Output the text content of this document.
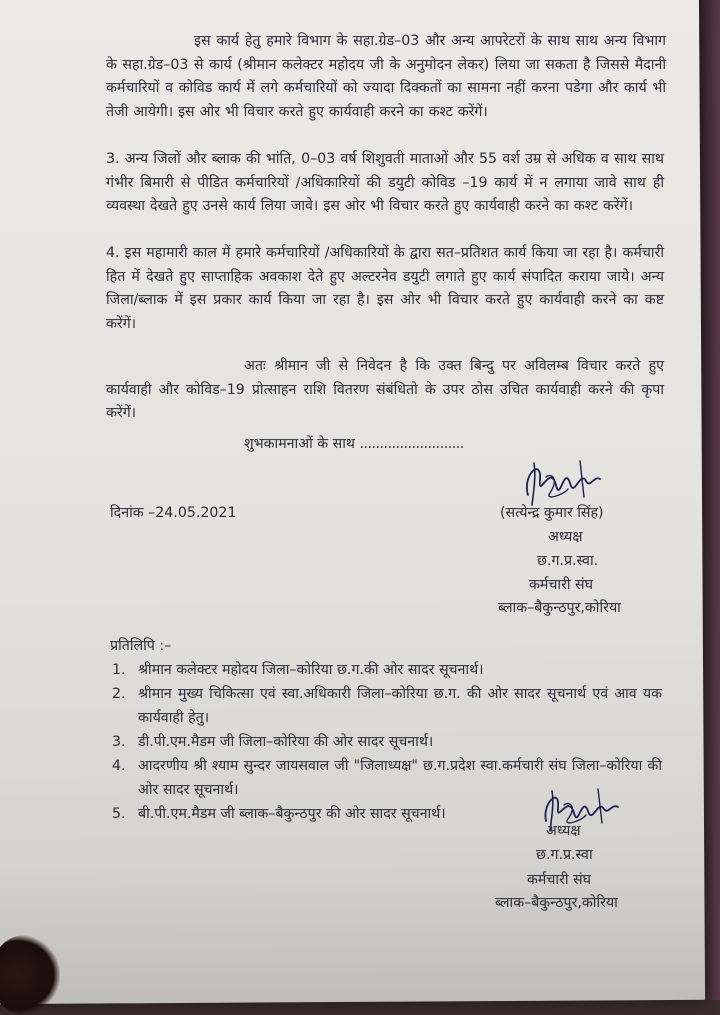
इस कार्य हेतु हमारे विभाग के सहा.ग्रेड–03 और अन्य आपरेटरों के साथ साथ अन्य विभाग के सहा.ग्रेड–03 से कार्य (श्रीमान कलेक्टर महोदय जी के अनुमोदन लेकर) लिया जा सकता है जिससे मैदानी कर्मचारियों व कोविड कार्य में लगे कर्मचारियों को ज्यादा दिक्कतों का सामना नहीं करना पडेगा और कार्य भी तेजी आयेगी। इस ओर भी विचार करते हुए कार्यवाही करने का कश्ट करेंगें।

3. अन्य जिलों और ब्लाक की भांति, 0–03 वर्ष शिशुवती माताओं और 55 वर्श उम्र से अधिक व साथ साथ गंभीर बिमारी से पीडित कर्मचारियों /अधिकारियों की डयुटी कोविड –19 कार्य में न लगाया जावे साथ ही व्यवस्था देखते हुए उनसे कार्य लिया जावे। इस ओर भी विचार करते हुए कार्यवाही करने का कश्ट करेंगें।

4. इस महामारी काल में हमारे कर्मचारियों /अधिकारियों के द्वारा सत–प्रतिशत कार्य किया जा रहा है। कर्मचारी हित में देखते हुए साप्ताहिक अवकाश देते हुए अल्टरनेव डयुटी लगाते हुए कार्य संपादित कराया जाये। अन्य जिला/ब्लाक में इस प्रकार कार्य किया जा रहा है। इस ओर भी विचार करते हुए कार्यवाही करने का कष्ट करेंगें।

अतः श्रीमान जी से निवेदन है कि उक्त बिन्दु पर अविलम्ब विचार करते हुए कार्यवाही और कोविड–19 प्रोत्साहन राशि वितरण संबंधितो के उपर ठोस उचित कार्यवाही करने की कृपा करेंगें।

शुभकामनाओं के साथ ..........................

दिनांक –24.05.2021	(सत्येन्द्र कुमार सिंह)

अध्यक्ष

छ.ग.प्र.स्वा.

कर्मचारी संघ

ब्लाक–बैकुन्ठपुर,कोरिया

प्रतिलिपि :–

1. श्रीमान कलेक्टर महोदय जिला–कोरिया छ.ग.की ओर सादर सूचनार्थ।
2. श्रीमान मुख्य चिकित्सा एवं स्वा.अधिकारी जिला–कोरिया छ.ग. की ओर सादर सूचनार्थ एवं आव यक कार्यवाही हेतु।
3. डी.पी.एम.मैडम जी जिला–कोरिया की ओर सादर सूचनार्थ।
4. आदरणीय श्री श्याम सुन्दर जायसवाल जी "जिलाध्यक्ष" छ.ग.प्रदेश स्वा.कर्मचारी संघ जिला–कोरिया की ओर सादर सूचनार्थ।
5. बी.पी.एम.मैडम जी ब्लाक–बैकुन्ठपुर की ओर सादर सूचनार्थ।

अध्यक्ष

छ.ग.प्र.स्वा

कर्मचारी संघ

ब्लाक–बैकुन्ठपुर,कोरिया
